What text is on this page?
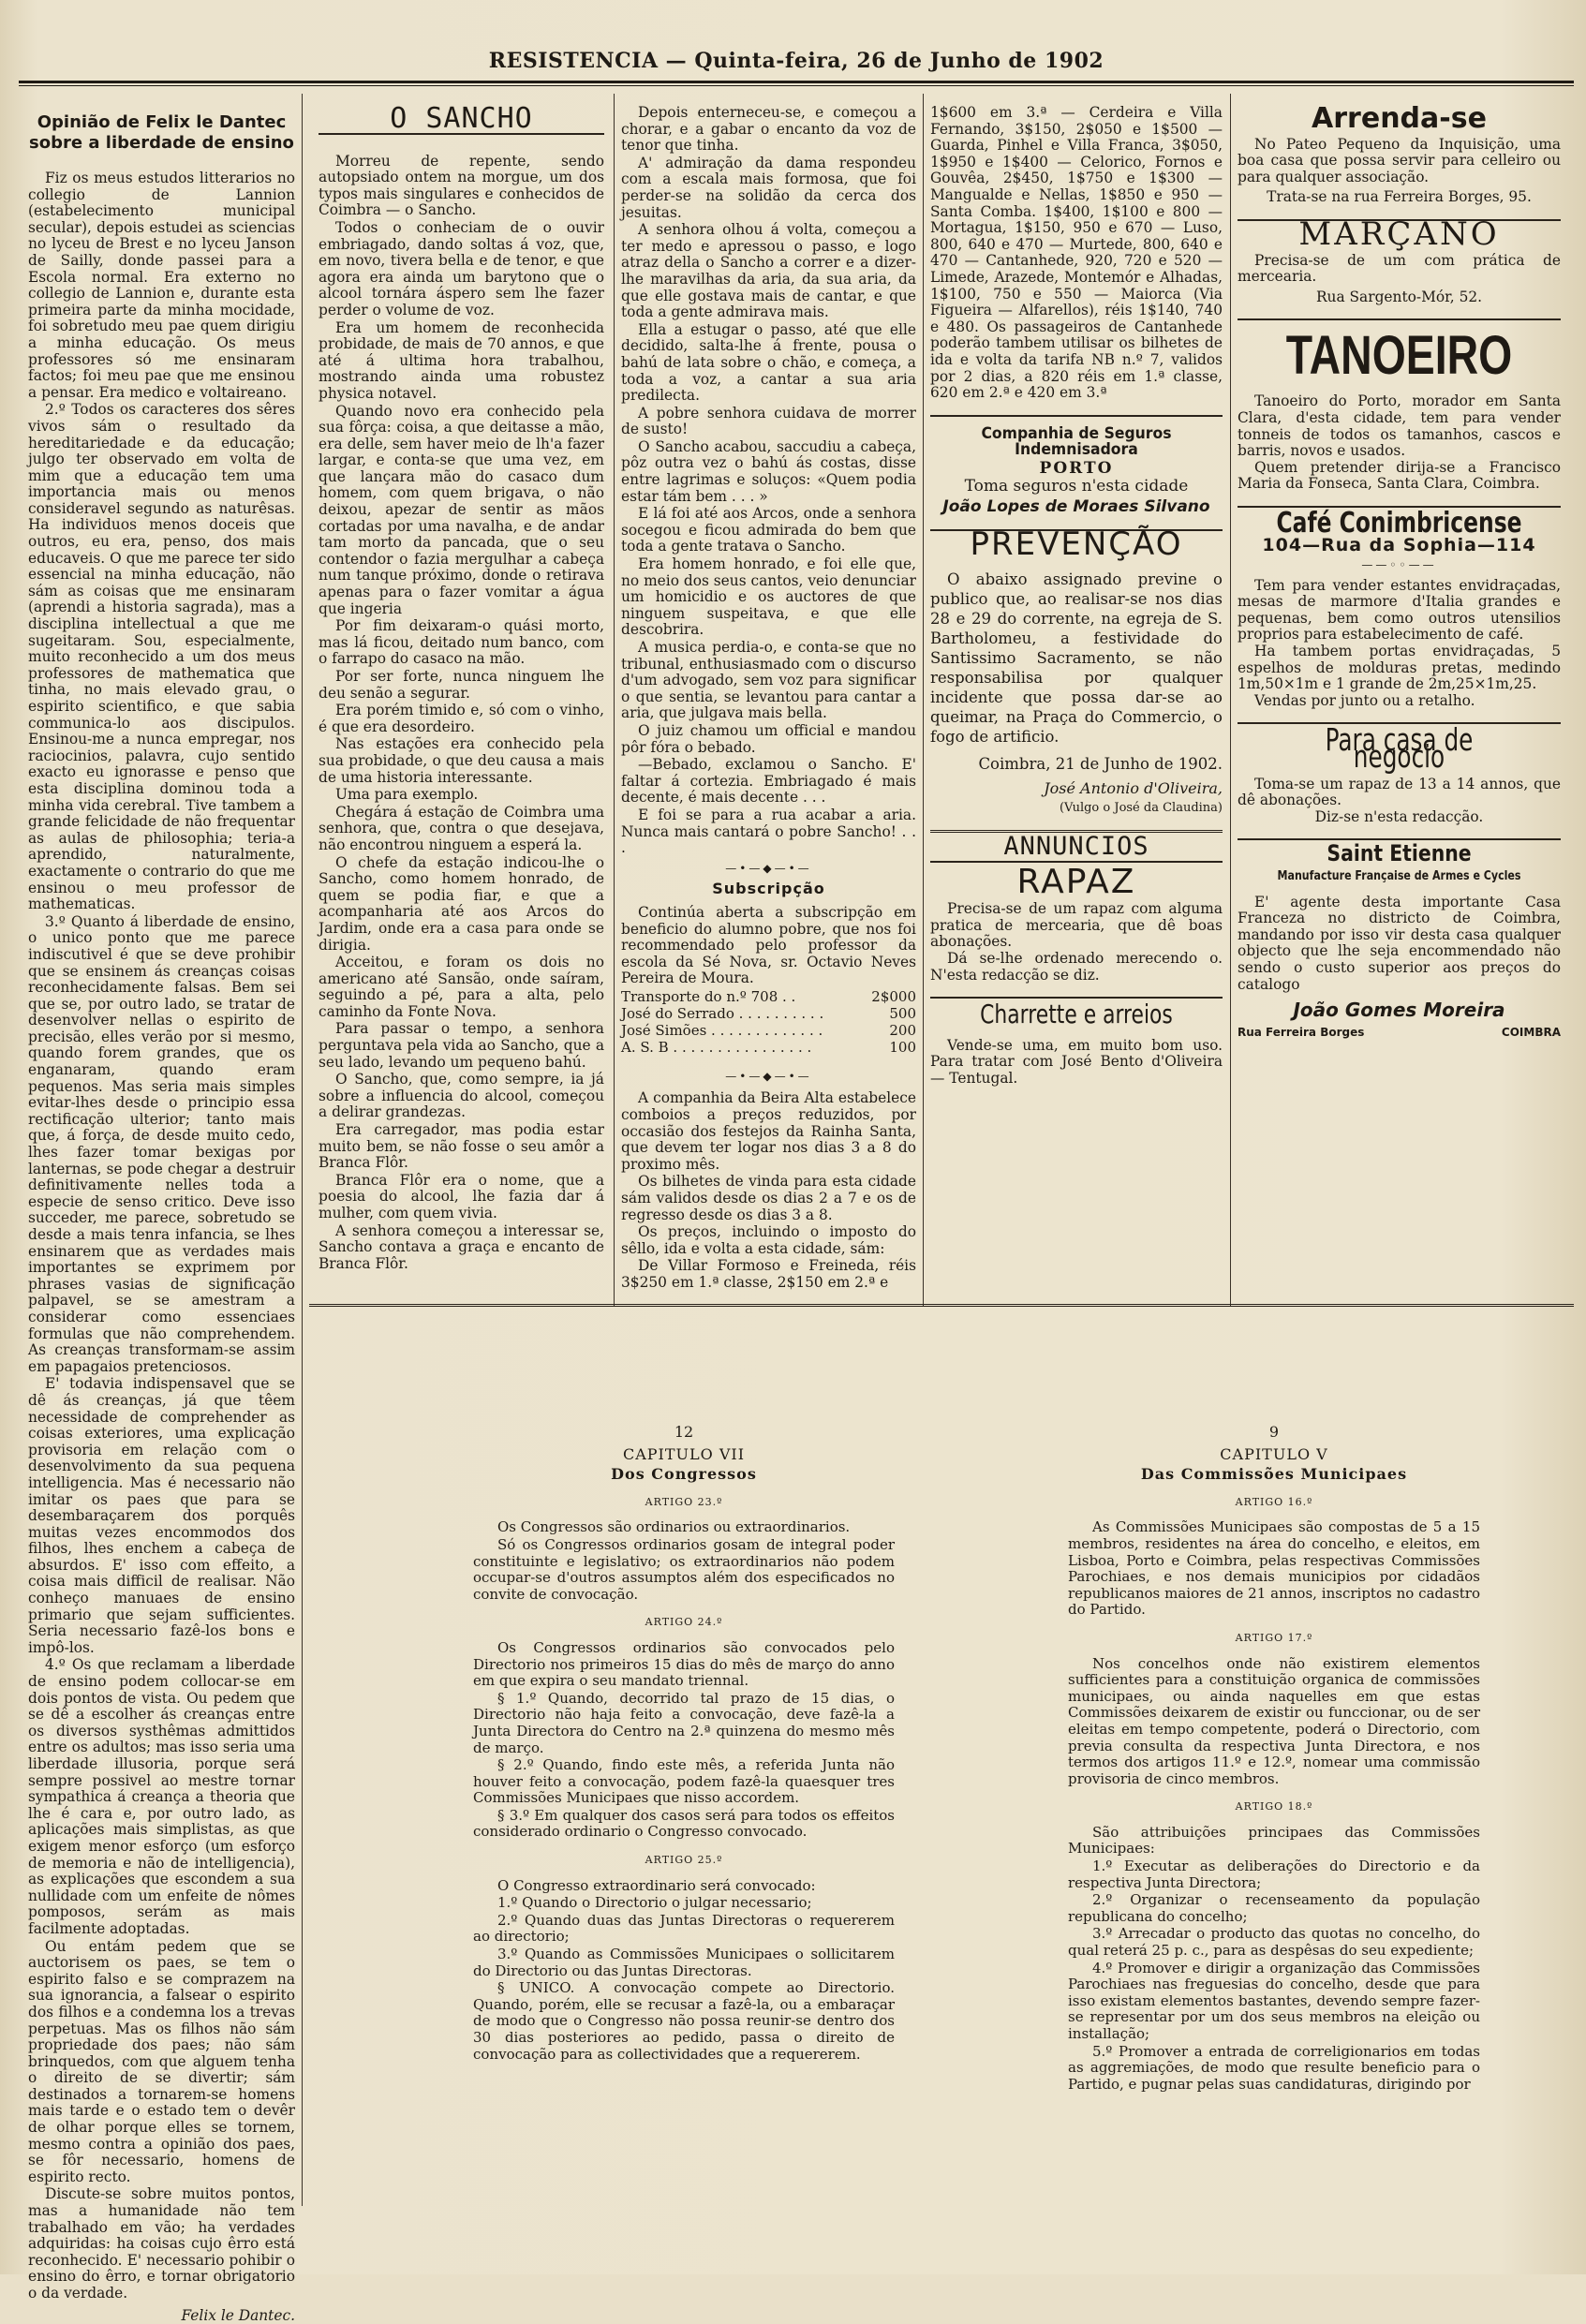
RESISTENCIA — Quinta-feira, 26 de Junho de 1902
Opinião de Felix le Dantec sobre a liberdade de ensino

Fiz os meus estudos litterarios no collegio de Lannion (estabelecimento municipal secular), depois estudei as sciencias no lyceu de Brest e no lyceu Janson de Sailly, donde passei para a Escola normal. Era externo no collegio de Lannion e, durante esta primeira parte da minha mocidade, foi sobretudo meu pae quem dirigiu a minha educação. Os meus professores só me ensinaram factos; foi meu pae que me ensinou a pensar. Era medico e voltaireano.

2.º Todos os caracteres dos sêres vivos sám o resultado da hereditariedade e da educação; julgo ter observado em volta de mim que a educação tem uma importancia mais ou menos consideravel segundo as naturêsas. Ha individuos menos doceis que outros, eu era, penso, dos mais educaveis. O que me parece ter sido essencial na minha educação, não sám as coisas que me ensinaram (aprendi a historia sagrada), mas a disciplina intellectual a que me sugeitaram. Sou, especialmente, muito reconhecido a um dos meus professores de mathematica que tinha, no mais elevado grau, o espirito scientifico, e que sabia communica-lo aos discipulos. Ensinou-me a nunca empregar, nos raciocinios, palavra, cujo sentido exacto eu ignorasse e penso que esta disciplina dominou toda a minha vida cerebral. Tive tambem a grande felicidade de não frequentar as aulas de philosophia; teria-a aprendido, naturalmente, exactamente o contrario do que me ensinou o meu professor de mathematicas.

3.º Quanto á liberdade de ensino, o unico ponto que me parece indiscutivel é que se deve prohibir que se ensinem ás creanças coisas reconhecidamente falsas. Bem sei que se, por outro lado, se tratar de desenvolver nellas o espirito de precisão, elles verão por si mesmo, quando forem grandes, que os enganaram, quando eram pequenos. Mas seria mais simples evitar-lhes desde o principio essa rectificação ulterior; tanto mais que, á força, de desde muito cedo, lhes fazer tomar bexigas por lanternas, se pode chegar a destruir definitivamente nelles toda a especie de senso critico. Deve isso succeder, me parece, sobretudo se desde a mais tenra infancia, se lhes ensinarem que as verdades mais importantes se exprimem por phrases vasias de significação palpavel, se se amestram a considerar como essenciaes formulas que não comprehendem. As creanças transformam-se assim em papagaios pretenciosos.

E' todavia indispensavel que se dê ás creanças, já que têem necessidade de comprehender as coisas exteriores, uma explicação provisoria em relação com o desenvolvimento da sua pequena intelligencia. Mas é necessario não imitar os paes que para se desembaraçarem dos porquês muitas vezes encommodos dos filhos, lhes enchem a cabeça de absurdos. E' isso com effeito, a coisa mais difficil de realisar. Não conheço manuaes de ensino primario que sejam sufficientes. Seria necessario fazê-los bons e impô-los.

4.º Os que reclamam a liberdade de ensino podem collocar-se em dois pontos de vista. Ou pedem que se dê a escolher ás creanças entre os diversos systhêmas admittidos entre os adultos; mas isso seria uma liberdade illusoria, porque será sempre possivel ao mestre tornar sympathica á creança a theoria que lhe é cara e, por outro lado, as aplicações mais simplistas, as que exigem menor esforço (um esforço de memoria e não de intelligencia), as explicações que escondem a sua nullidade com um enfeite de nômes pomposos, serám as mais facilmente adoptadas.

Ou entám pedem que se auctorisem os paes, se tem o espirito falso e se comprazem na sua ignorancia, a falsear o espirito dos filhos e a condemna los a trevas perpetuas. Mas os filhos não sám propriedade dos paes; não sám brinquedos, com que alguem tenha o direito de se divertir; sám destinados a tornarem-se homens mais tarde e o estado tem o devêr de olhar porque elles se tornem, mesmo contra a opinião dos paes, se fôr necessario, homens de espirito recto.

Discute-se sobre muitos pontos, mas a humanidade não tem trabalhado em vão; ha verdades adquiridas: ha coisas cujo êrro está reconhecido. E' necessario pohibir o ensino do êrro, e tornar obrigatorio o da verdade.

Felix le Dantec.
O SANCHO

Morreu de repente, sendo autopsiado ontem na morgue, um dos typos mais singulares e conhecidos de Coimbra — o Sancho.

Todos o conheciam de o ouvir embriagado, dando soltas á voz, que, em novo, tivera bella e de tenor, e que agora era ainda um barytono que o alcool tornára áspero sem lhe fazer perder o volume de voz.

Era um homem de reconhecida probidade, de mais de 70 annos, e que até á ultima hora trabalhou, mostrando ainda uma robustez physica notavel.

Quando novo era conhecido pela sua fôrça: coisa, a que deitasse a mão, era delle, sem haver meio de lh'a fazer largar, e conta-se que uma vez, em que lançara mão do casaco dum homem, com quem brigava, o não deixou, apezar de sentir as mãos cortadas por uma navalha, e de andar tam morto da pancada, que o seu contendor o fazia mergulhar a cabeça num tanque próximo, donde o retirava apenas para o fazer vomitar a água que ingeria

Por fim deixaram-o quási morto, mas lá ficou, deitado num banco, com o farrapo do casaco na mão.

Por ser forte, nunca ninguem lhe deu senão a segurar.

Era porém timido e, só com o vinho, é que era desordeiro.

Nas estações era conhecido pela sua probidade, o que deu causa a mais de uma historia interessante.

Uma para exemplo.

Chegára á estação de Coimbra uma senhora, que, contra o que desejava, não encontrou ninguem a esperá la.

O chefe da estação indicou-lhe o Sancho, como homem honrado, de quem se podia fiar, e que a acompanharia até aos Arcos do Jardim, onde era a casa para onde se dirigia.

Acceitou, e foram os dois no americano até Sansão, onde saíram, seguindo a pé, para a alta, pelo caminho da Fonte Nova.

Para passar o tempo, a senhora perguntava pela vida ao Sancho, que a seu lado, levando um pequeno bahú.

O Sancho, que, como sempre, ia já sobre a influencia do alcool, começou a delirar grandezas.

Era carregador, mas podia estar muito bem, se não fosse o seu amôr a Branca Flôr.

Branca Flôr era o nome, que a poesia do alcool, lhe fazia dar á mulher, com quem vivia.

A senhora começou a interessar se, Sancho contava a graça e encanto de Branca Flôr.

Depois enterneceu-se, e começou a chorar, e a gabar o encanto da voz de tenor que tinha.

A' admiração da dama respondeu com a escala mais formosa, que foi perder-se na solidão da cerca dos jesuitas.

A senhora olhou á volta, começou a ter medo e apressou o passo, e logo atraz della o Sancho a correr e a dizer-lhe maravilhas da aria, da sua aria, da que elle gostava mais de cantar, e que toda a gente admirava mais.

Ella a estugar o passo, até que elle decidido, salta-lhe á frente, pousa o bahú de lata sobre o chão, e começa, a toda a voz, a cantar a sua aria predilecta.

A pobre senhora cuidava de morrer de susto!

O Sancho acabou, saccudiu a cabeça, pôz outra vez o bahú ás costas, disse entre lagrimas e soluços: «Quem podia estar tám bem . . . »

E lá foi até aos Arcos, onde a senhora socegou e ficou admirada do bem que toda a gente tratava o Sancho.

Era homem honrado, e foi elle que, no meio dos seus cantos, veio denunciar um homicidio e os auctores de que ninguem suspeitava, e que elle descobrira.

A musica perdia-o, e conta-se que no tribunal, enthusiasmado com o discurso d'um advogado, sem voz para significar o que sentia, se levantou para cantar a aria, que julgava mais bella.

O juiz chamou um official e mandou pôr fóra o bebado.

—Bebado, exclamou o Sancho. E' faltar á cortezia. Embriagado é mais decente, é mais decente . . .

E foi se para a rua acabar a aria. Nunca mais cantará o pobre Sancho! . . .

—•—◆—•—
Subscripção

Continúa aberta a subscripção em beneficio do alumno pobre, que nos foi recommendado pelo professor da escola da Sé Nova, sr. Octavio Neves Pereira de Moura.

Transporte do n.º 708 . .	2$000
José do Serrado . . . . . . . . . .	500
José Simões . . . . . . . . . . . . .	200
A. S. B . . . . . . . . . . . . . . . .	100
—•—◆—•—

A companhia da Beira Alta estabelece comboios a preços reduzidos, por occasião dos festejos da Rainha Santa, que devem ter logar nos dias 3 a 8 do proximo mês.

Os bilhetes de vinda para esta cidade sám validos desde os dias 2 a 7 e os de regresso desde os dias 3 a 8.

Os preços, incluindo o imposto do sêllo, ida e volta a esta cidade, sám:

De Villar Formoso e Freineda, réis 3$250 em 1.ª classe, 2$150 em 2.ª e

1$600 em 3.ª — Cerdeira e Villa Fernando, 3$150, 2$050 e 1$500 — Guarda, Pinhel e Villa Franca, 3$050, 1$950 e 1$400 — Celorico, Fornos e Gouvêa, 2$450, 1$750 e 1$300 — Mangualde e Nellas, 1$850 e 950 — Santa Comba. 1$400, 1$100 e 800 — Mortagua, 1$150, 950 e 670 — Luso, 800, 640 e 470 — Murtede, 800, 640 e 470 — Cantanhede, 920, 720 e 520 — Limede, Arazede, Montemór e Alhadas, 1$100, 750 e 550 — Maiorca (Via Figueira — Alfarellos), réis 1$140, 740 e 480. Os passageiros de Cantanhede poderão tambem utilisar os bilhetes de ida e volta da tarifa NB n.º 7, validos por 2 dias, a 820 réis em 1.ª classe, 620 em 2.ª e 420 em 3.ª

Companhia de Seguros Indemnisadora
PORTO
Toma seguros n'esta cidade
João Lopes de Moraes Silvano
PREVENÇÃO

O abaixo assignado previne o publico que, ao realisar-se nos dias 28 e 29 do corrente, na egreja de S. Bartholomeu, a festividade do Santissimo Sacramento, se não responsabilisa por qualquer incidente que possa dar-se ao queimar, na Praça do Commercio, o fogo de artificio.

Coimbra, 21 de Junho de 1902.
José Antonio d'Oliveira,
(Vulgo o José da Claudina)
ANNUNCIOS
RAPAZ

Precisa-se de um rapaz com alguma pratica de mercearia, que dê boas abonações.

Dá se-lhe ordenado merecendo o. N'esta redacção se diz.

Charrette e arreios

Vende-se uma, em muito bom uso. Para tratar com José Bento d'Oliveira — Tentugal.

Arrenda-se

No Pateo Pequeno da Inquisição, uma boa casa que possa servir para celleiro ou para qualquer associação.

Trata-se na rua Ferreira Borges, 95.
MARÇANO

Precisa-se de um com prática de mercearia.

Rua Sargento-Mór, 52.
TANOEIRO

Tanoeiro do Porto, morador em Santa Clara, d'esta cidade, tem para vender tonneis de todos os tamanhos, cascos e barris, novos e usados.

Quem pretender dirija-se a Francisco Maria da Fonseca, Santa Clara, Coimbra.

Café Conimbricense
104—Rua da Sophia—114
——◦◦——

Tem para vender estantes envidraçadas, mesas de marmore d'Italia grandes e pequenas, bem como outros utensilios proprios para estabelecimento de café.

Ha tambem portas envidraçadas, 5 espelhos de molduras pretas, medindo 1m,50×1m e 1 grande de 2m,25×1m,25.

Vendas por junto ou a retalho.

Para casa de negocio

Toma-se um rapaz de 13 a 14 annos, que dê abonações.

Diz-se n'esta redacção.
Saint Etienne
Manufacture Française de Armes e Cycles

E' agente desta importante Casa Franceza no districto de Coimbra, mandando por isso vir desta casa qualquer objecto que lhe seja encommendado não sendo o custo superior aos preços do catalogo

João Gomes Moreira
Rua Ferreira Borges	COIMBRA
12
CAPITULO VII
Dos Congressos
ARTIGO 23.º

Os Congressos são ordinarios ou extraordinarios.

Só os Congressos ordinarios gosam de integral poder constituinte e legislativo; os extraordinarios não podem occupar-se d'outros assumptos além dos especificados no convite de convocação.

ARTIGO 24.º

Os Congressos ordinarios são convocados pelo Directorio nos primeiros 15 dias do mês de março do anno em que expira o seu mandato triennal.

§ 1.º Quando, decorrido tal prazo de 15 dias, o Directorio não haja feito a convocação, deve fazê-la a Junta Directora do Centro na 2.ª quinzena do mesmo mês de março.

§ 2.º Quando, findo este mês, a referida Junta não houver feito a convocação, podem fazê-la quaesquer tres Commissões Municipaes que nisso accordem.

§ 3.º Em qualquer dos casos será para todos os effeitos considerado ordinario o Congresso convocado.

ARTIGO 25.º

O Congresso extraordinario será convocado:

1.º Quando o Directorio o julgar necessario;

2.º Quando duas das Juntas Directoras o requererem ao directorio;

3.º Quando as Commissões Municipaes o sollicitarem do Directorio ou das Juntas Directoras.

§ UNICO. A convocação compete ao Directorio. Quando, porém, elle se recusar a fazê-la, ou a embaraçar de modo que o Congresso não possa reunir-se dentro dos 30 dias posteriores ao pedido, passa o direito de convocação para as collectividades que a requererem.

9
CAPITULO V
Das Commissões Municipaes
ARTIGO 16.º

As Commissões Municipaes são compostas de 5 a 15 membros, residentes na área do concelho, e eleitos, em Lisboa, Porto e Coimbra, pelas respectivas Commissões Parochiaes, e nos demais municipios por cidadãos republicanos maiores de 21 annos, inscriptos no cadastro do Partido.

ARTIGO 17.º

Nos concelhos onde não existirem elementos sufficientes para a constituição organica de commissões municipaes, ou ainda naquelles em que estas Commissões deixarem de existir ou funccionar, ou de ser eleitas em tempo competente, poderá o Directorio, com previa consulta da respectiva Junta Directora, e nos termos dos artigos 11.º e 12.º, nomear uma commissão provisoria de cinco membros.

ARTIGO 18.º

São attribuições principaes das Commissões Municipaes:

1.º Executar as deliberações do Directorio e da respectiva Junta Directora;

2.º Organizar o recenseamento da população republicana do concelho;

3.º Arrecadar o producto das quotas no concelho, do qual reterá 25 p. c., para as despêsas do seu expediente;

4.º Promover e dirigir a organização das Commissões Parochiaes nas freguesias do concelho, desde que para isso existam elementos bastantes, devendo sempre fazer-se representar por um dos seus membros na eleição ou installação;

5.º Promover a entrada de correligionarios em todas as aggremiações, de modo que resulte beneficio para o Partido, e pugnar pelas suas candidaturas, dirigindo por
